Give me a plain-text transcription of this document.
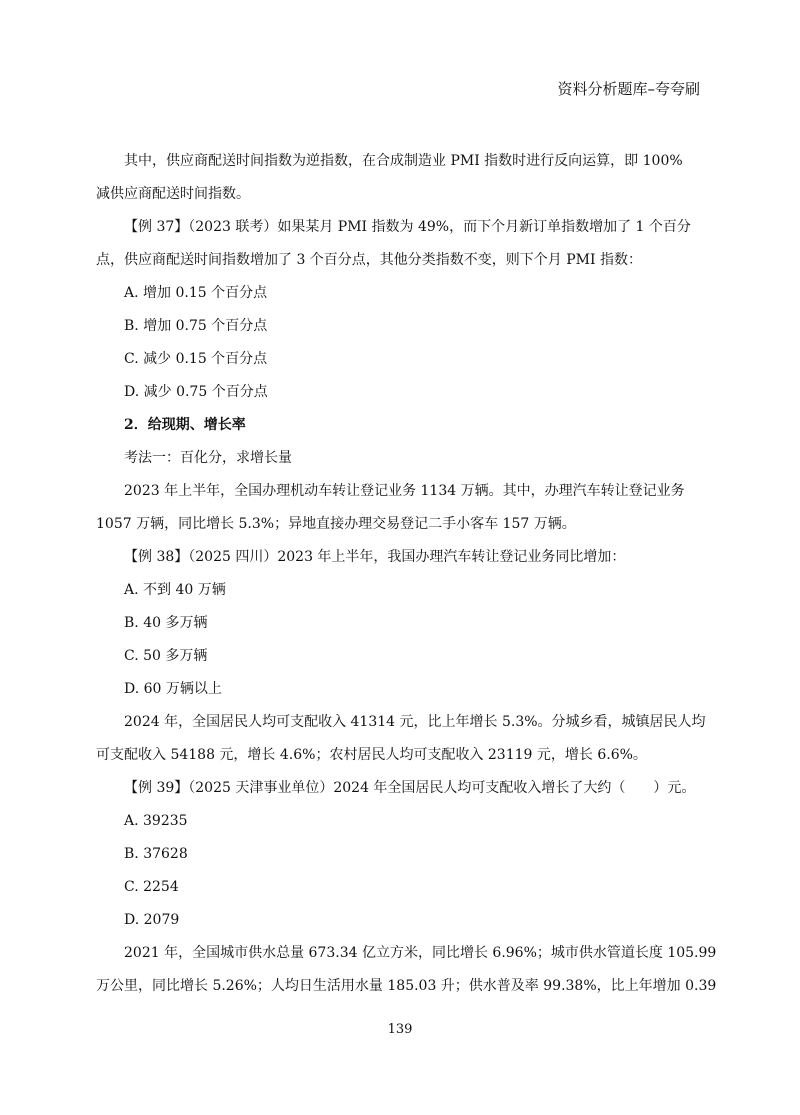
资料分析题库–夸夸刷
其中，供应商配送时间指数为逆指数，在合成制造业 PMI 指数时进行反向运算，即 100%
减供应商配送时间指数。
【例 37】（2023 联考）如果某月 PMI 指数为 49%，而下个月新订单指数增加了 1 个百分
点，供应商配送时间指数增加了 3 个百分点，其他分类指数不变，则下个月 PMI 指数：
A. 增加 0.15 个百分点
B. 增加 0.75 个百分点
C. 减少 0.15 个百分点
D. 减少 0.75 个百分点
2．给现期、增长率
考法一：百化分，求增长量
2023 年上半年，全国办理机动车转让登记业务 1134 万辆。其中，办理汽车转让登记业务
1057 万辆，同比增长 5.3%；异地直接办理交易登记二手小客车 157 万辆。
【例 38】（2025 四川）2023 年上半年，我国办理汽车转让登记业务同比增加：
A. 不到 40 万辆
B. 40 多万辆
C. 50 多万辆
D. 60 万辆以上
2024 年，全国居民人均可支配收入 41314 元，比上年增长 5.3%。分城乡看，城镇居民人均
可支配收入 54188 元，增长 4.6%；农村居民人均可支配收入 23119 元，增长 6.6%。
【例 39】（2025 天津事业单位）2024 年全国居民人均可支配收入增长了大约（　　）元。
A. 39235
B. 37628
C. 2254
D. 2079
2021 年，全国城市供水总量 673.34 亿立方米，同比增长 6.96%；城市供水管道长度 105.99
万公里，同比增长 5.26%；人均日生活用水量 185.03 升；供水普及率 99.38%，比上年增加 0.39
139
